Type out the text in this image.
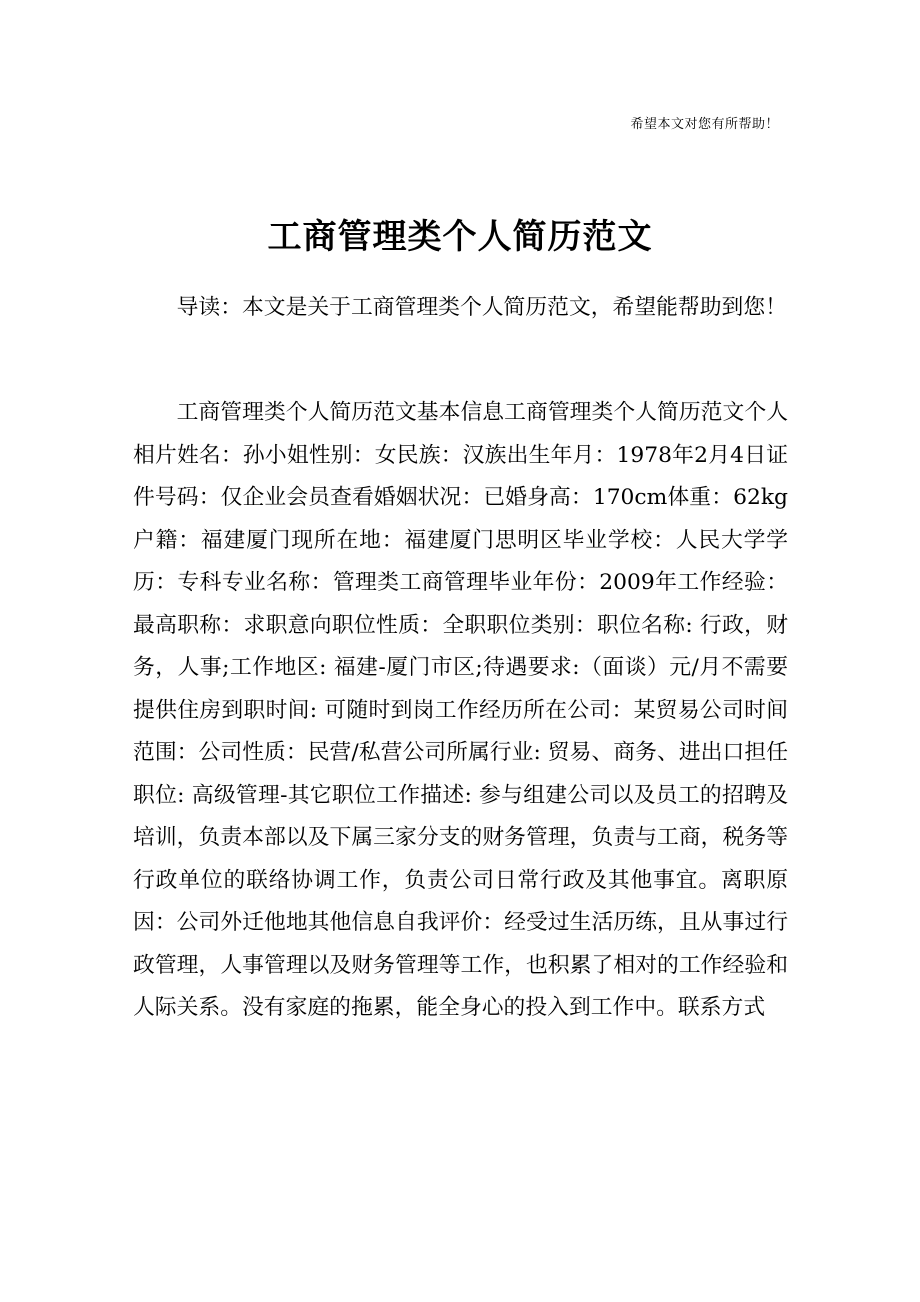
希望本文对您有所帮助！
工商管理类个人简历范文

导读：本文是关于工商管理类个人简历范文，希望能帮助到您！

工商管理类个人简历范文基本信息工商管理类个人简历范文个人相片姓名：孙小姐性别：女民族：汉族出生年月：1978年2月4日证件号码：仅企业会员查看婚姻状况：已婚身高：170cm体重：62kg户籍：福建厦门现所在地：福建厦门思明区毕业学校：人民大学学历：专科专业名称：管理类工商管理毕业年份：2009年工作经验：最高职称：求职意向职位性质：全职职位类别：职位名称: 行政，财务，人事;工作地区: 福建-厦门市区;待遇要求:（面谈）元/月不需要提供住房到职时间: 可随时到岗工作经历所在公司：某贸易公司时间范围：公司性质：民营/私营公司所属行业: 贸易、商务、进出口担任职位: 高级管理-其它职位工作描述: 参与组建公司以及员工的招聘及培训，负责本部以及下属三家分支的财务管理，负责与工商，税务等行政单位的联络协调工作，负责公司日常行政及其他事宜。离职原因：公司外迁他地其他信息自我评价：经受过生活历练，且从事过行政管理，人事管理以及财务管理等工作，也积累了相对的工作经验和人际关系。没有家庭的拖累，能全身心的投入到工作中。联系方式
